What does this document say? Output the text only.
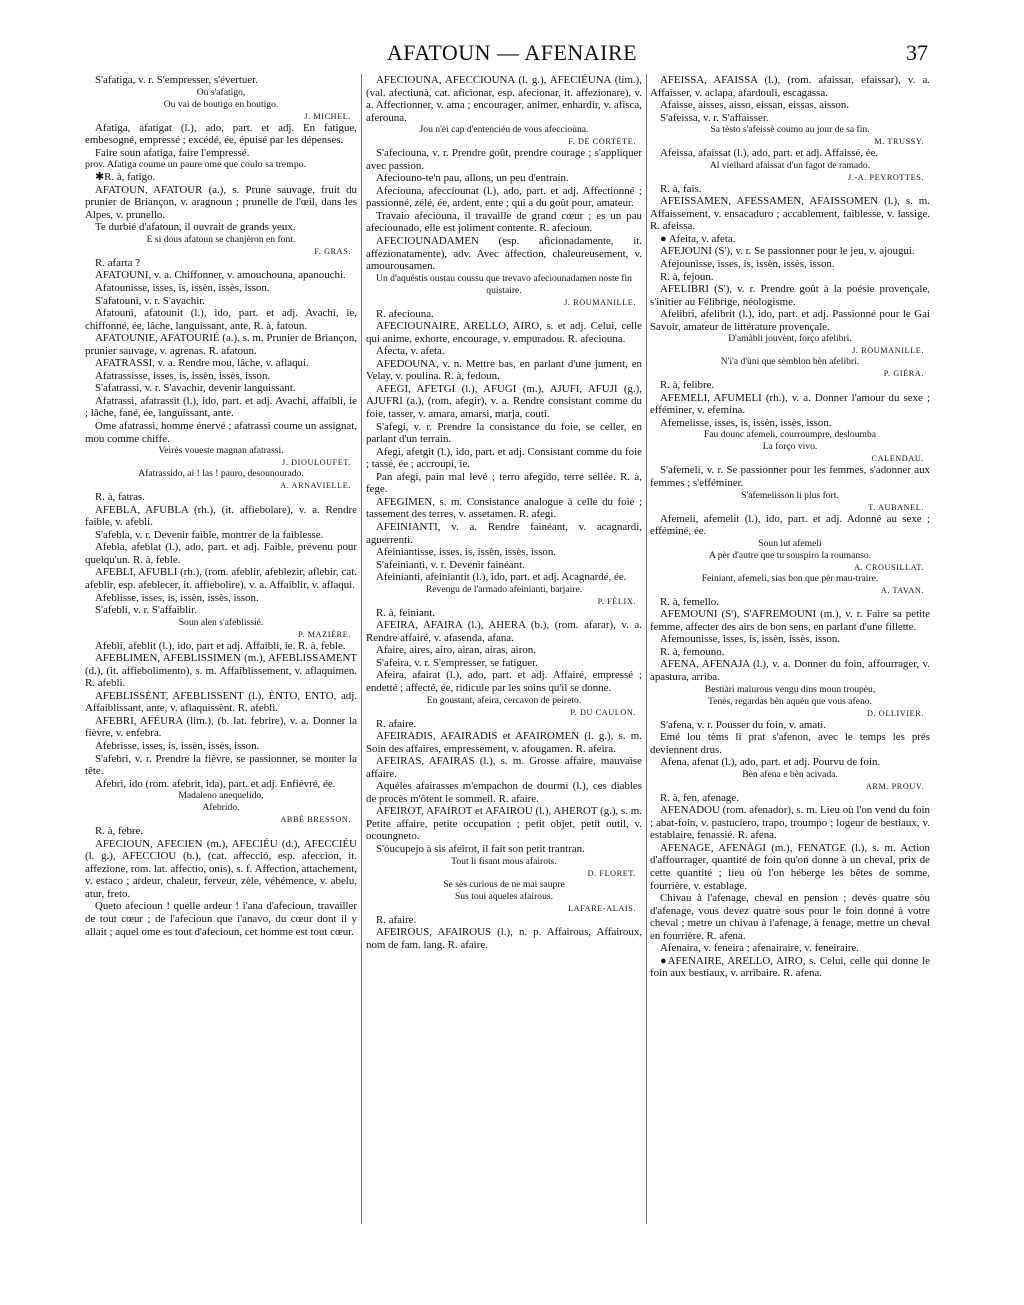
AFATOUN — AFENAIRE	37
S'afatiga, v. r. S'empresser, s'évertuer.
On s'afatigo,
Ou vai de boutigo en boutigo.
J. MICHEL.
Afatiga, afatigat (l.), ado, part. et adj. En fatigue, embesogné, empressé ; excédé, ée, épuisé par les dépenses.
Faire soun afatiga, faire l'empressé.
prov. Afatiga coume un paure ome que coulo sa trempo.
✱R. à, fatigo.
AFATOUN, AFATOUR (a.), s. Prune sauvage, fruit du prunier de Briançon, v. aragnoun ; prunelle de l'œil, dans les Alpes, v. prunello.
Te durbié d'afatoun, il ouvrait de grands yeux.
E si dous afatoun se chanjèron en font.
F. GRAS.
R. afarta ?
AFATOUNI, v. a. Chiffonner, v. amouchouna, apanouchi.
Afatounisse, isses, is, issèn, issès, isson.
S'afatouni, v. r. S'avachir.
Afatouni, afatounit (l.), ido, part. et adj. Avachi, ie, chiffonné, ée, lâche, languissant, ante. R. à, fatoun.
AFATOUNIE, AFATOURIÉ (a.), s. m. Prunier de Briançon, prunier sauvage, v. agrenas. R. afatoun.
AFATRASSI, v. a. Rendre mou, lâche, v. aflaqui.
Afatrassisse, isses, is, issèn, issès, isson.
S'afatrassi, v. r. S'avachir, devenir languissant.
Afatrassi, afatrassit (l.), ido, part. et adj. Avachi, affaibli, ie ; lâche, fané, ée, languissant, ante.
Ome afatrassi, homme énervé ; afatrassi coume un assignat, mou comme chiffe.
Veirés voueste magnan afatrassi.
J. DIOULOUFET.
Afatrassido, ai ! las ! pauro, desounourado.
A. ARNAVIELLE.
R. à, fatras.
AFEBLA, AFUBLA (rh.), (it. affiebolare), v. a. Rendre faible, v. afebli.
S'afebla, v. r. Devenir faible, montrer de la faiblesse.
Afebla, afeblat (l.), ado, part. et adj. Faible, prévenu pour quelqu'un. R. à, feble.
AFEBLI, AFUBLI (rh.), (rom. afeblir, afeblezir, aflebir, cat. afeblir, esp. afeblecer, it. affiebolire), v. a. Affaiblir, v. aflaqui.
Afeblisse, isses, is, issèn, issès, isson.
S'afebli, v. r. S'affaiblir.
Soun alen s'afeblissié.
P. MAZIÈRE.
Afebli, afeblit (l.), ido, part et adj. Affaibli, ie. R. à, feble.
AFEBLIMEN, AFEBLISSIMEN (m.), AFEBLISSAMENT (d.), (it. affiebolimento), s. m. Affaiblissement, v. aflaquimen. R. afebli.
AFEBLISSÈNT, AFEBLISSENT (l.), ÈNTO, ENTO, adj. Affaiblissant, ante, v. aflaquissènt. R. afebli.
AFEBRI, AFÉURA (lim.), (b. lat. febrire), v. a. Donner la fièvre, v. enfebra.
Afebrisse, isses, is, issèn, issès, isson.
S'afebri, v. r. Prendre la fièvre, se passionner, se monter la tête.
Afebri, ido (rom. afebrit, ida), part. et adj. Enfiévré, ée.
Madaleno anequelido,
Afebrido.
ABBÉ BRESSON.
R. à, febre.
AFECIOUN, AFECIEN (m.), AFECIÉU (d.), AFECCIÉU (l. g.), AFECCIOU (b.), (cat. affecció, esp. afeccion, it. affezione, rom. lat. affectio, onis), s. f. Affection, attachement, v. estaco ; ardeur, chaleur, ferveur, zèle, véhémence, v. abelu, atur, freto.
Queto afecioun ! quelle ardeur ! i'ana d'afecioun, travailler de tout cœur ; de l'afecioun que i'anavo, du cœur dont il y allait ; aquel ome es tout d'afecioun, cet homme est tout cœur.
AFECIOUNA, AFECCIOUNA (l. g.), AFECIÉUNA (lim.), (val. afectiunà, cat. aficionar, esp. afecionar, it. affezionare), v. a. Affectionner, v. ama ; encourager, animer, enhardir, v. afisca, aferouna.
Jou n'èi cap d'entenciéu de vous afeccioùna.
F. DE CORTÈTE.
S'afeciouna, v. r. Prendre goût, prendre courage ; s'appliquer avec passion.
Afeciouno-te'n pau, allons, un peu d'entrain.
Afeciouna, afecciounat (l.), ado, part. et adj. Affectionné ; passionné, zélé, ée, ardent, ente ; qui a du goût pour, amateur.
Travaio afeciouna, il travaille de grand cœur ; es un pau afeciounado, elle est joliment contente. R. afecioun.
AFECIOUNADAMEN (esp. aficionadamente, it. affezionatamente), adv. Avec affection, chaleureusement, v. amourousamen.
Un d'aquéstis oustau coussu que trevavo afeciounadamen noste fin quistaire.
J. ROUMANILLE.
R. afeciouna.
AFECIOUNAIRE, ARELLO, AIRO, s. et adj. Celui, celle qui anime, exhorte, encourage, v. empuradou. R. afeciouna.
Afecta, v. afeta.
AFEDOUNA, v. n. Mettre bas, en parlant d'une jument, en Velay, v. poulina. R. à, fedoun.
AFEGI, AFETGI (l.), AFUGI (m.), AJUFI, AFUJI (g.), AJUFRI (a.), (rom. afegir), v. a. Rendre consistant comme du foie, tasser, v. amara, amarsi, marja, couti.
S'afegi, v. r. Prendre la consistance du foie, se celler, en parlant d'un terrain.
Afegi, afetgit (l.), ido, part. et adj. Consistant comme du foie ; tassé, ée ; accroupi, ie.
Pan afegi, pain mal levé ; terro afegido, terre sellée. R. à, fege.
AFEGIMEN, s. m. Consistance analogue à celle du foie ; tassement des terres, v. assetamen. R. afegi.
AFEINIANTI, v. a. Rendre fainéant, v. acagnardi, aguerrenti.
Afeiniantisse, isses, is, issèn, issès, isson.
S'afeinianti, v. r. Devenir fainéant.
Afeinianti, afeiniantit (l.), ido, part. et adj. Acagnardé, ée.
Revengu de l'armado afeinianti, barjaire.
P. FÉLIX.
R. à, feiniant.
AFEIRA, AFAIRA (l.), AHERA (b.), (rom. afarar), v. a. Rendre affairé, v. afasenda, afana.
Afaire, aires, airo, airan, airas, airon.
S'afeira, v. r. S'empresser, se fatiguer.
Afeira, afairat (l.), ado, part. et adj. Affairé, empressé ; endetté ; affecté, ée, ridicule par les soins qu'il se donne.
En goustant, afeira, cercavon de peireto.
P. DU CAULON.
R. afaire.
AFEIRADIS, AFAIRADIS et AFAIROMEN (l. g.), s. m. Soin des affaires, empressement, v. afougamen. R. afeira.
AFEIRAS, AFAIRAS (l.), s. m. Grosse affaire, mauvaise affaire.
Aquéles afairasses m'empachon de dourmi (l.), ces diables de procès m'ôtent le sommeil. R. afaire.
AFEIROT, AFAIROT et AFAIROU (l.), AHEROT (g.), s. m. Petite affaire, petite occupation ; petit objet, petit outil, v. ocoungneto.
S'óucupejo à sis afeirot, il fait son petit trantran.
Tout li fisant mous afairots.
D. FLORET.
Se sès curious de ne mai saupre
Sus toui aqueles afairous.
LAFARE-ALAIS.
R. afaire.
AFEIROUS, AFAIROUS (l.), n. p. Affairous, Affairoux, nom de fam. lang. R. afaire.
AFEISSA, AFAISSA (l.), (rom. afaissar, efaissar), v. a. Affaisser, v. aclapa, afardouli, escagassa.
Afaisse, aisses, aisso, eissan, eissas, aisson.
S'afeissa, v. r. S'affaisser.
Sa tèsto s'afeissè coumo au jour de sa fin.
M. TRUSSY.
Afeissa, afaissat (l.), ado, part. et adj. Affaissé, ée.
Al vielhard afaissat d'un fagot de ramado.
J.-A. PEYROTTES.
R. à, fais.
AFEISSAMEN, AFESSAMEN, AFAISSOMEN (l.), s. m. Affaissement, v. ensacaduro ; accablement, faiblesse, v. lassige. R. afeissa.
● Afeita, v. afeta.
AFEJOUNI (S'), v. r. Se passionner pour le jeu, v. ajougui.
Afejounisse, isses, is, issèn, issès, isson.
R. à, fejoun.
AFELIBRI (S'), v. r. Prendre goût à la poésie provençale, s'initier au Félibrige, néologisme.
Afelibri, afelibrit (l.), ido, part. et adj. Passionné pour le Gai Savoir, amateur de littérature provençale.
D'amàbli jouvènt, forço afelibri.
J. ROUMANILLE.
N'i'a d'ùni que sèmblon bèn afelibri.
P. GIÉRA.
R. à, felibre.
AFEMELI, AFUMELI (rh.), v. a. Donner l'amour du sexe ; efféminer, v. efemina.
Afemelisse, isses, is, issèn, issès, isson.
Fau dounc afemeli, courroumpre, desloumba
La forço vivo.
CALENDAU.
S'afemeli, v. r. Se passionner pour les femmes, s'adonner aux femmes ; s'efféminer.
S'afemelisson li plus fort.
T. AUBANEL.
Afemeli, afemelit (l.), ido, part. et adj. Adonné au sexe ; efféminé, ée.
Soun lut afemeli
A pèr d'autre que tu souspiro la roumanso.
A. CROUSILLAT.
Feiniant, afemeli, sias bon que pèr mau-traire.
A. TAVAN.
R. à, femello.
AFEMOUNI (S'), S'AFREMOUNI (m.), v. r. Faire sa petite femme, affecter des airs de bon sens, en parlant d'une fillette.
Afemounisse, isses, is, issèn, issès, isson.
R. à, femouno.
AFENA, AFENAJA (l.), v. a. Donner du foin, affourrager, v. apastura, arriba.
Bestiàri malurous vengu dins moun troupèu,
Tenès, regardas bèn aquéu que vous afeno.
D. OLLIVIER.
S'afena, v. r. Pousser du foin, v. amati.
Emé lou tèms li prat s'afenon, avec le temps les prés deviennent drus.
Afena, afenat (l.), ado, part. et adj. Pourvu de foin.
Bèn afena e bèn acivada.
ARM. PROUV.
R. à, fen, afenage.
AFENADOU (rom. afenador), s. m. Lieu où l'on vend du foin ; abat-foin, v. pastuciero, trapo, troumpo ; logeur de bestiaux, v. establaire, fenassié. R. afena.
AFENAGE, AFENÀGI (m.), FENATGE (l.), s. m. Action d'affourrager, quantité de foin qu'on donne à un cheval, prix de cette quantité ; lieu où l'on héberge les bêtes de somme, fourrière, v. establage.
Chivau à l'afenage, cheval en pension ; devès quatre sòu d'afenage, vous devez quatre sous pour le foin donné à votre cheval ; metre un chivau à l'afenage, à fenage, mettre un cheval en fourrière. R. afena.
Afenaira, v. feneira ; afenairaire, v. feneiraire.
●AFENAIRE, ARELLO, AIRO, s. Celui, celle qui donne le foin aux bestiaux, v. arribaire. R. afena.
